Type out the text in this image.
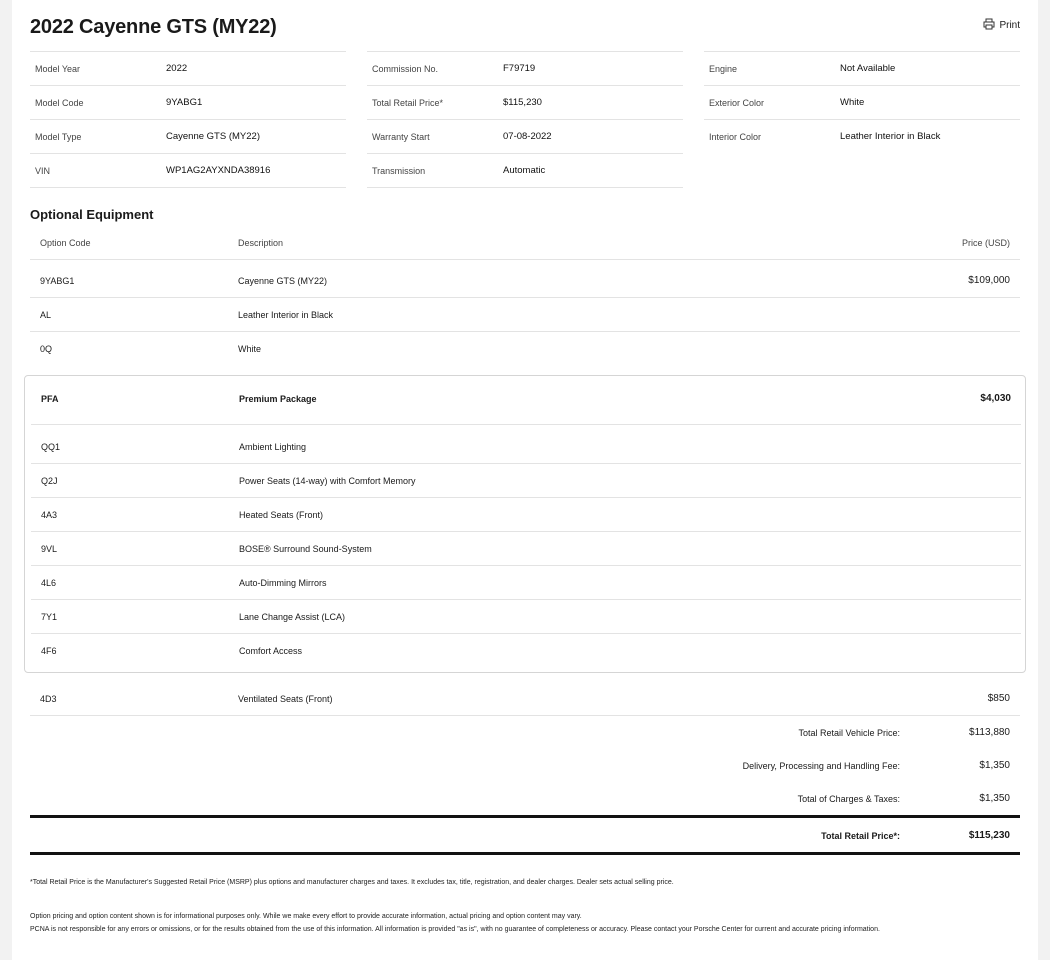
2022 Cayenne GTS (MY22)	Print
Model Year	2022
Model Code	9YABG1
Model Type	Cayenne GTS (MY22)
VIN	WP1AG2AYXNDA38916
Commission No.	F79719
Total Retail Price*	$115,230
Warranty Start	07-08-2022
Transmission	Automatic
Engine	Not Available
Exterior Color	White
Interior Color	Leather Interior in Black
Optional Equipment
Option Code	Description	Price (USD)
9YABG1	Cayenne GTS (MY22)	$109,000
AL	Leather Interior in Black
0Q	White
PFA	Premium Package	$4,030
QQ1	Ambient Lighting
Q2J	Power Seats (14-way) with Comfort Memory
4A3	Heated Seats (Front)
9VL	BOSE® Surround Sound-System
4L6	Auto-Dimming Mirrors
7Y1	Lane Change Assist (LCA)
4F6	Comfort Access
4D3	Ventilated Seats (Front)	$850
Total Retail Vehicle Price:	$113,880
Delivery, Processing and Handling Fee:	$1,350
Total of Charges & Taxes:	$1,350
Total Retail Price*:	$115,230
*Total Retail Price is the Manufacturer's Suggested Retail Price (MSRP) plus options and manufacturer charges and taxes. It excludes tax, title, registration, and dealer charges. Dealer sets actual selling price.
Option pricing and option content shown is for informational purposes only. While we make every effort to provide accurate information, actual pricing and option content may vary.
PCNA is not responsible for any errors or omissions, or for the results obtained from the use of this information. All information is provided "as is", with no guarantee of completeness or accuracy. Please contact your Porsche Center for current and accurate pricing information.
